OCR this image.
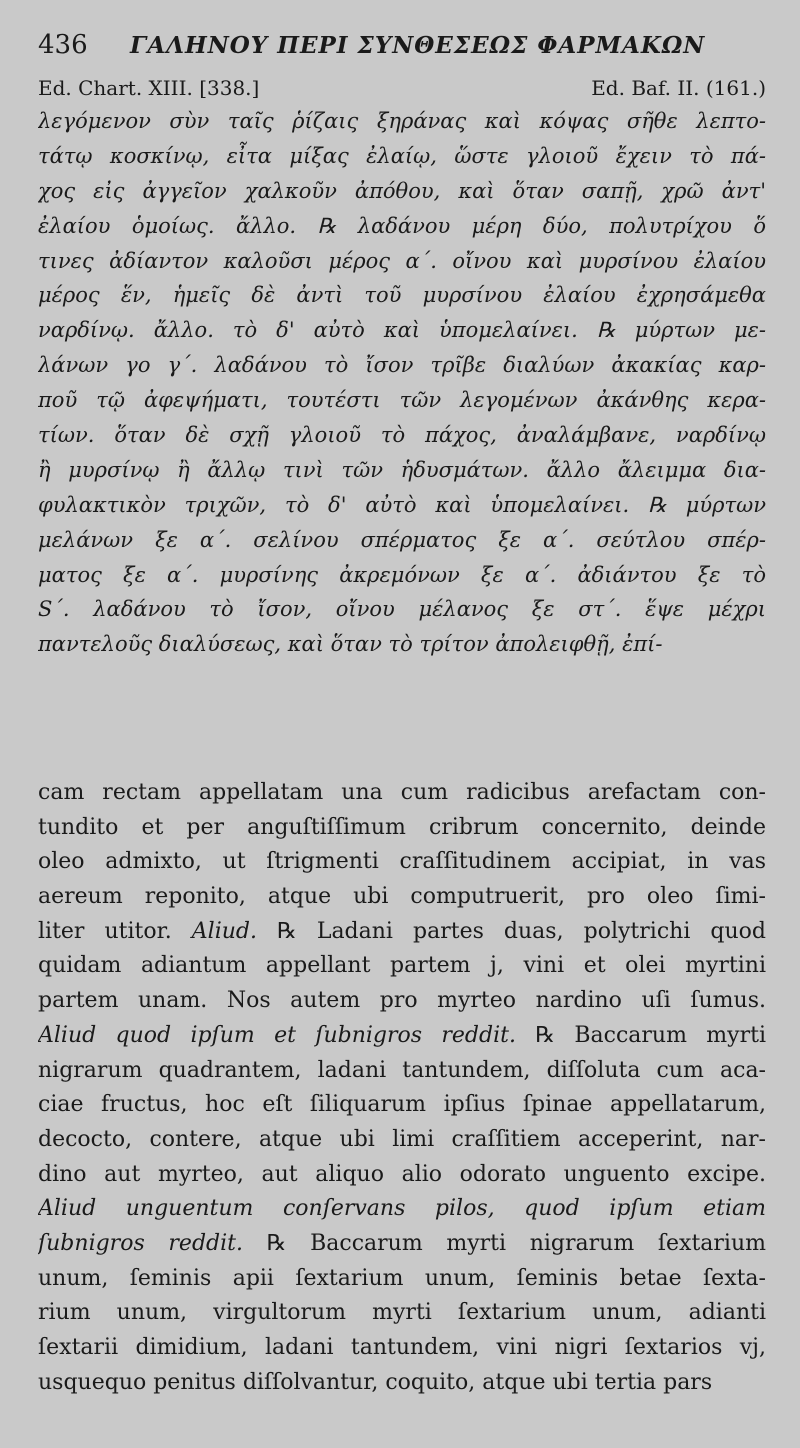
436 ΓΑΛΗΝΟΥ ΠΕΡΙ ΣΥΝΘΕΣΕΩΣ ΦΑΡΜΑΚΩΝ
Ed. Chart. XIII. [338.]	Ed. Baf. II. (161.)
λεγόμενον σὺν ταῖς ῥίζαις ξηράνας καὶ κόψας σῆθε λεπτο-
τάτῳ κοσκίνῳ, εἶτα μίξας ἐλαίῳ, ὥστε γλοιοῦ ἔχειν τὸ πά-
χος εἰς ἀγγεῖον χαλκοῦν ἀπόθου, καὶ ὅταν σαπῇ, χρῶ ἀντ'
ἐλαίου ὁμοίως. ἄλλο. ℞ λαδάνου μέρη δύο, πολυτρίχου ὅ
τινες ἀδίαντον καλοῦσι μέρος α΄. οἴνου καὶ μυρσίνου ἐλαίου
μέρος ἕν, ἡμεῖς δὲ ἀντὶ τοῦ μυρσίνου ἐλαίου ἐχρησάμεθα
ναρδίνῳ. ἄλλο. τὸ δ' αὐτὸ καὶ ὑπομελαίνει. ℞ μύρτων με-
λάνων γο γ΄. λαδάνου τὸ ἴσον τρῖβε διαλύων ἀκακίας καρ-
ποῦ τῷ ἀφεψήματι, τουτέστι τῶν λεγομένων ἀκάνθης κερα-
τίων. ὅταν δὲ σχῇ γλοιοῦ τὸ πάχος, ἀναλάμβανε, ναρδίνῳ
ἢ μυρσίνῳ ἢ ἄλλῳ τινὶ τῶν ἡδυσμάτων. ἄλλο ἄλειμμα δια-
φυλακτικὸν τριχῶν, τὸ δ' αὐτὸ καὶ ὑπομελαίνει. ℞ μύρτων
μελάνων ξε α΄. σελίνου σπέρματος ξε α΄. σεύτλου σπέρ-
ματος ξε α΄. μυρσίνης ἀκρεμόνων ξε α΄. ἀδιάντου ξε τὸ
S΄. λαδάνου τὸ ἴσον, οἴνου μέλανος ξε στ΄. ἕψε μέχρι
παντελοῦς διαλύσεως, καὶ ὅταν τὸ τρίτον ἀπολειφθῇ, ἐπί-
cam rectam appellatam una cum radicibus arefactam con-
tundito et per anguſtiſſimum cribrum concernito, deinde
oleo admixto, ut ſtrigmenti craſſitudinem accipiat, in vas
aereum reponito, atque ubi computruerit, pro oleo ſimi-
liter utitor. Aliud. ℞ Ladani partes duas, polytrichi quod
quidam adiantum appellant partem j, vini et olei myrtini
partem unam. Nos autem pro myrteo nardino uſi ſumus.
Aliud quod ipſum et ſubnigros reddit. ℞ Baccarum myrti
nigrarum quadrantem, ladani tantundem, diſſoluta cum aca-
ciae fructus, hoc eſt ſiliquarum ipſius ſpinae appellatarum,
decocto, contere, atque ubi limi craſſitiem acceperint, nar-
dino aut myrteo, aut aliquo alio odorato unguento excipe.
Aliud unguentum conſervans pilos, quod ipſum etiam
ſubnigros reddit. ℞ Baccarum myrti nigrarum ſextarium
unum, ſeminis apii ſextarium unum, ſeminis betae ſexta-
rium unum, virgultorum myrti ſextarium unum, adianti
ſextarii dimidium, ladani tantundem, vini nigri ſextarios vj,
usquequo penitus diſſolvantur, coquito, atque ubi tertia pars
